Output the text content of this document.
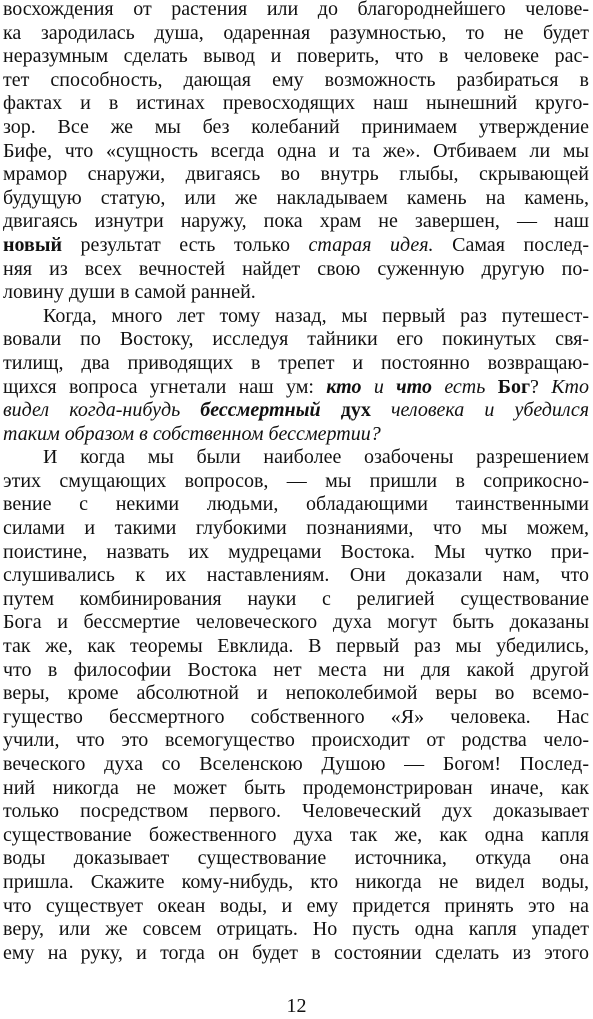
восхождения от растения или до благороднейшего челове-
ка зародилась душа, одаренная разумностью, то не будет
неразумным сделать вывод и поверить, что в человеке рас-
тет способность, дающая ему возможность разбираться в
фактах и в истинах превосходящих наш нынешний круго-
зор. Все же мы без колебаний принимаем утверждение
Бифе, что «сущность всегда одна и та же». Отбиваем ли мы
мрамор снаружи, двигаясь во внутрь глыбы, скрывающей
будущую статую, или же накладываем камень на камень,
двигаясь изнутри наружу, пока храм не завершен, — наш
новый результат есть только старая идея. Самая послед-
няя из всех вечностей найдет свою суженную другую по-
ловину души в самой ранней.
Когда, много лет тому назад, мы первый раз путешест-
вовали по Востоку, исследуя тайники его покинутых свя-
тилищ, два приводящих в трепет и постоянно возвращаю-
щихся вопроса угнетали наш ум: кто и что есть Бог? Кто
видел когда-нибудь бессмертный дух человека и убедился
таким образом в собственном бессмертии?
И когда мы были наиболее озабочены разрешением
этих смущающих вопросов, — мы пришли в соприкосно-
вение с некими людьми, обладающими таинственными
силами и такими глубокими познаниями, что мы можем,
поистине, назвать их мудрецами Востока. Мы чутко при-
слушивались к их наставлениям. Они доказали нам, что
путем комбинирования науки с религией существование
Бога и бессмертие человеческого духа могут быть доказаны
так же, как теоремы Евклида. В первый раз мы убедились,
что в философии Востока нет места ни для какой другой
веры, кроме абсолютной и непоколебимой веры во всемо-
гущество бессмертного собственного «Я» человека. Нас
учили, что это всемогущество происходит от родства чело-
веческого духа со Вселенскою Душою — Богом! Послед-
ний никогда не может быть продемонстрирован иначе, как
только посредством первого. Человеческий дух доказывает
существование божественного духа так же, как одна капля
воды доказывает существование источника, откуда она
пришла. Скажите кому-нибудь, кто никогда не видел воды,
что существует океан воды, и ему придется принять это на
веру, или же совсем отрицать. Но пусть одна капля упадет
ему на руку, и тогда он будет в состоянии сделать из этого
12
